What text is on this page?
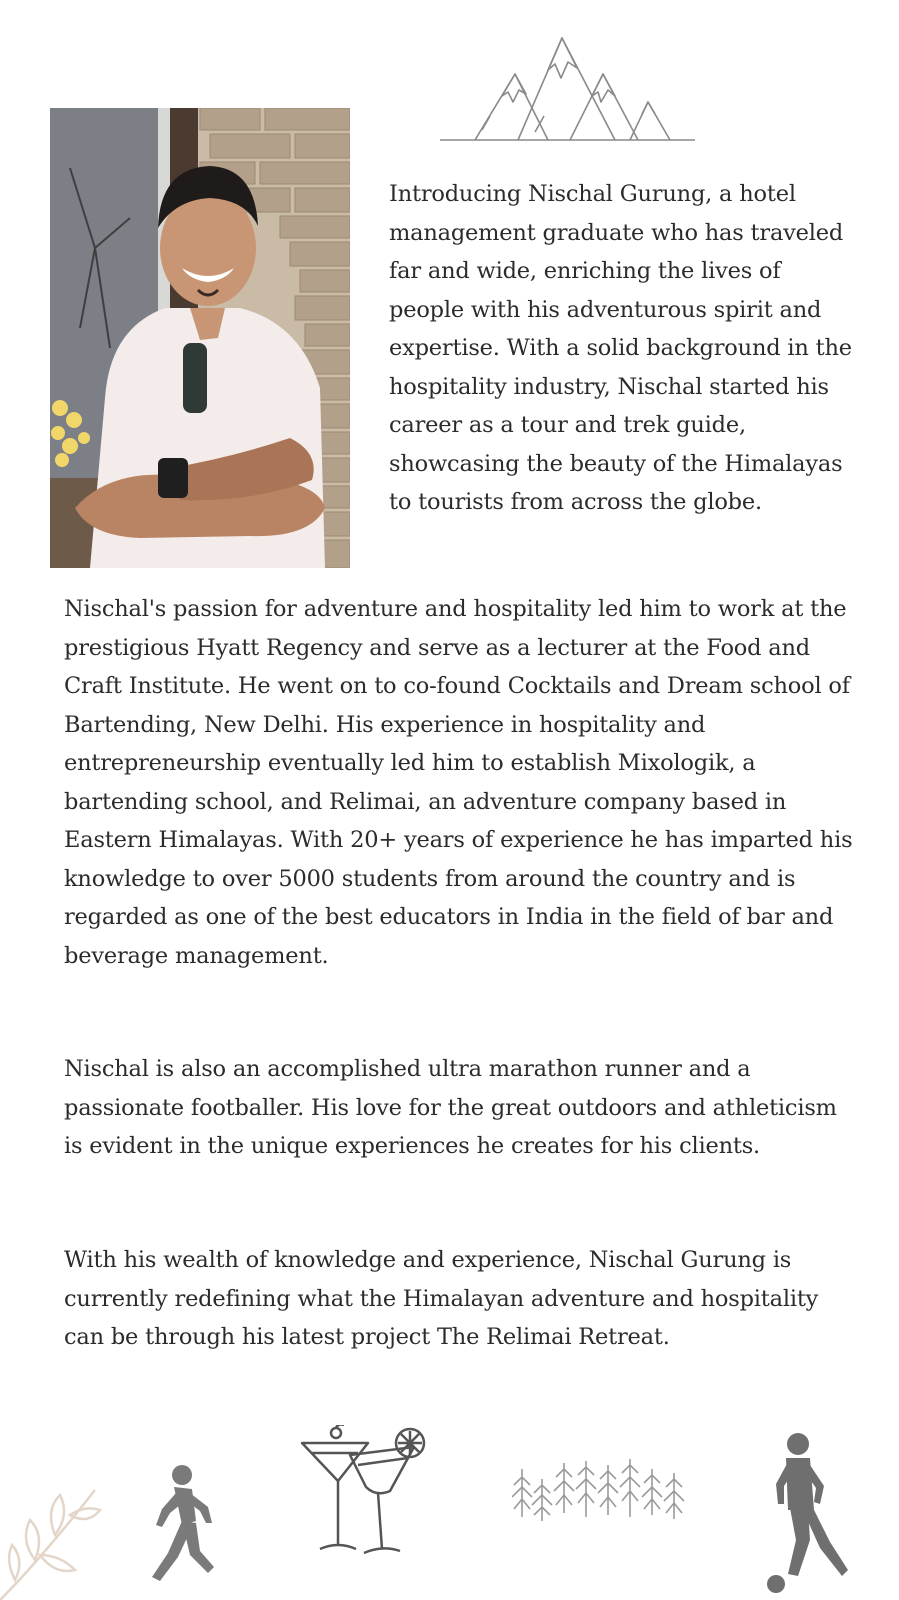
Introducing Nischal Gurung, a hotel management graduate who has traveled far and wide, enriching the lives of people with his adventurous spirit and expertise. With a solid background in the hospitality industry, Nischal started his career as a tour and trek guide, showcasing the beauty of the Himalayas to tourists from across the globe.

Nischal's passion for adventure and hospitality led him to work at the prestigious Hyatt Regency and serve as a lecturer at the Food and Craft Institute. He went on to co-found Cocktails and Dream school of Bartending, New Delhi. His experience in hospitality and entrepreneurship eventually led him to establish Mixologik, a bartending school, and Relimai, an adventure company based in Eastern Himalayas. With 20+ years of experience he has imparted his knowledge to over 5000 students from around the country and is regarded as one of the best educators in India in the field of bar and beverage management.

Nischal is also an accomplished ultra marathon runner and a passionate footballer. His love for the great outdoors and athleticism is evident in the unique experiences he creates for his clients.

With his wealth of knowledge and experience, Nischal Gurung is currently redefining what the Himalayan adventure and hospitality can be through his latest project The Relimai Retreat.
